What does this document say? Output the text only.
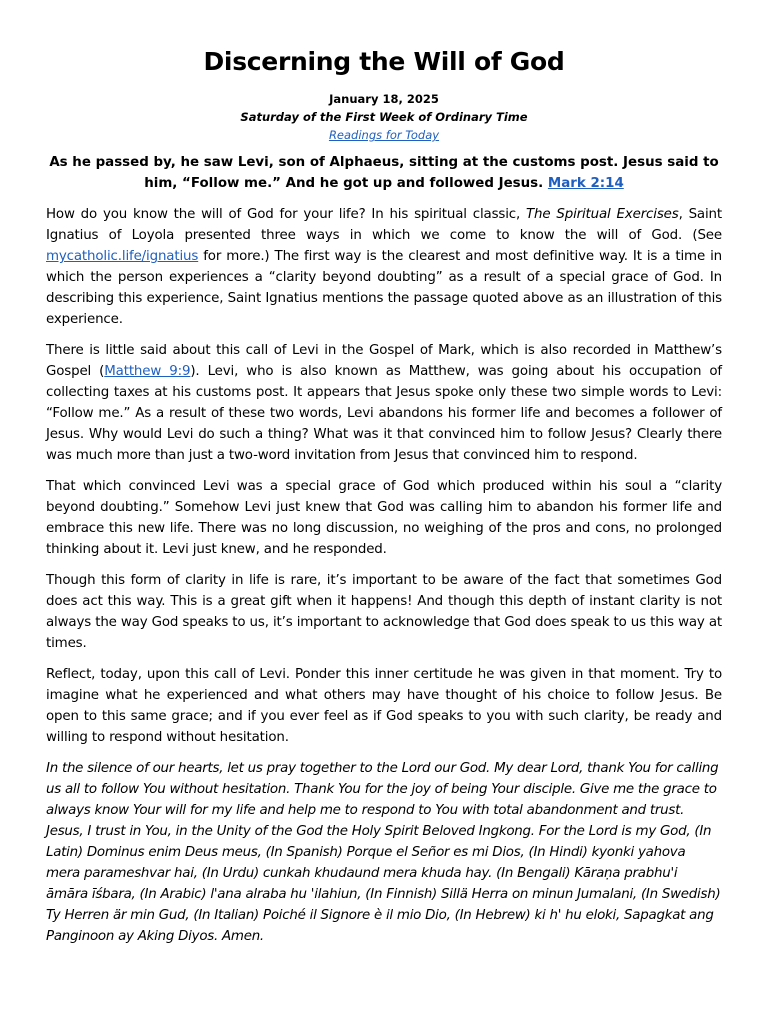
Discerning the Will of God
January 18, 2025
Saturday of the First Week of Ordinary Time
Readings for Today
As he passed by, he saw Levi, son of Alphaeus, sitting at the customs post. Jesus said to him, “Follow me.” And he got up and followed Jesus. Mark 2:14

How do you know the will of God for your life? In his spiritual classic, The Spiritual Exercises, Saint Ignatius of Loyola presented three ways in which we come to know the will of God. (See mycatholic.life/ignatius for more.) The first way is the clearest and most definitive way. It is a time in which the person experiences a “clarity beyond doubting” as a result of a special grace of God. In describing this experience, Saint Ignatius mentions the passage quoted above as an illustration of this experience.

There is little said about this call of Levi in the Gospel of Mark, which is also recorded in Matthew’s Gospel (Matthew 9:9). Levi, who is also known as Matthew, was going about his occupation of collecting taxes at his customs post. It appears that Jesus spoke only these two simple words to Levi: “Follow me.” As a result of these two words, Levi abandons his former life and becomes a follower of Jesus. Why would Levi do such a thing? What was it that convinced him to follow Jesus? Clearly there was much more than just a two-word invitation from Jesus that convinced him to respond.

That which convinced Levi was a special grace of God which produced within his soul a “clarity beyond doubting.” Somehow Levi just knew that God was calling him to abandon his former life and embrace this new life. There was no long discussion, no weighing of the pros and cons, no prolonged thinking about it. Levi just knew, and he responded.

Though this form of clarity in life is rare, it’s important to be aware of the fact that sometimes God does act this way. This is a great gift when it happens! And though this depth of instant clarity is not always the way God speaks to us, it’s important to acknowledge that God does speak to us this way at times.

Reflect, today, upon this call of Levi. Ponder this inner certitude he was given in that moment. Try to imagine what he experienced and what others may have thought of his choice to follow Jesus. Be open to this same grace; and if you ever feel as if God speaks to you with such clarity, be ready and willing to respond without hesitation.

In the silence of our hearts, let us pray together to the Lord our God. My dear Lord, thank You for calling us all to follow You without hesitation. Thank You for the joy of being Your disciple. Give me the grace to always know Your will for my life and help me to respond to You with total abandonment and trust. Jesus, I trust in You, in the Unity of the God the Holy Spirit Beloved Ingkong. For the Lord is my God, (In Latin) Dominus enim Deus meus, (In Spanish) Porque el Señor es mi Dios, (In Hindi) kyonki yahova mera parameshvar hai, (In Urdu) cunkah khudaund mera khuda hay. (In Bengali) Kāraṇa prabhu'i āmāra īśbara, (In Arabic) l'ana alraba hu 'ilahiun, (In Finnish) Sillä Herra on minun Jumalani, (In Swedish) Ty Herren är min Gud, (In Italian) Poiché il Signore è il mio Dio, (In Hebrew) ki h' hu eloki, Sapagkat ang Panginoon ay Aking Diyos. Amen.
